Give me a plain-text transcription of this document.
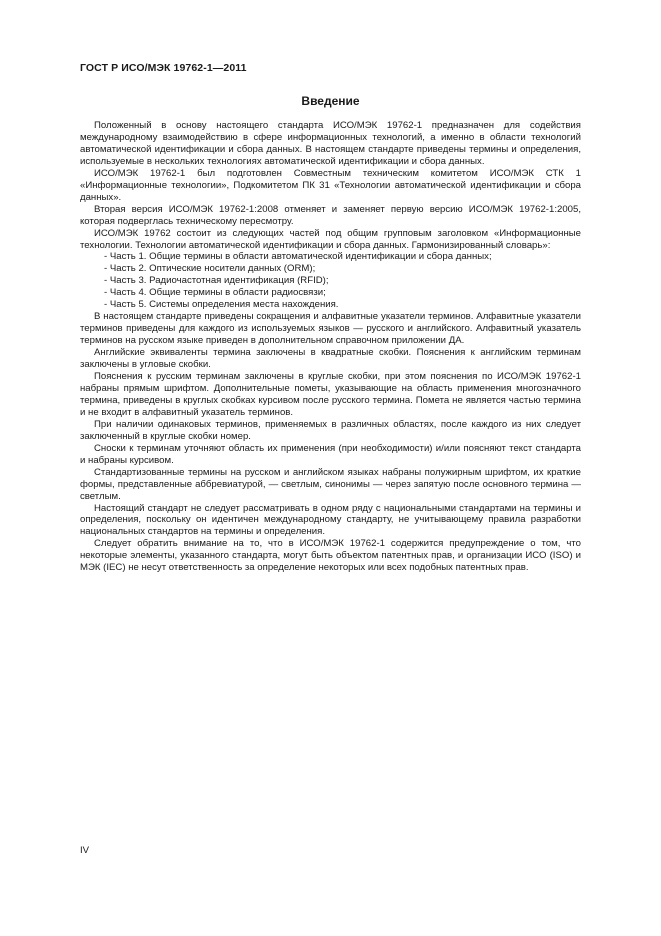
ГОСТ Р ИСО/МЭК 19762-1—2011
Введение

Положенный в основу настоящего стандарта ИСО/МЭК 19762-1 предназначен для содействия международному взаимодействию в сфере информационных технологий, а именно в области технологий автоматической идентификации и сбора данных. В настоящем стандарте приведены термины и определения, используемые в нескольких технологиях автоматической идентификации и сбора данных.

ИСО/МЭК 19762-1 был подготовлен Совместным техническим комитетом ИСО/МЭК СТК 1 «Информационные технологии», Подкомитетом ПК 31 «Технологии автоматической идентификации и сбора данных».

Вторая версия ИСО/МЭК 19762-1:2008 отменяет и заменяет первую версию ИСО/МЭК 19762-1:2005, которая подверглась техническому пересмотру.

ИСО/МЭК 19762 состоит из следующих частей под общим групповым заголовком «Информационные технологии. Технологии автоматической идентификации и сбора данных. Гармонизированный словарь»:

- Часть 1. Общие термины в области автоматической идентификации и сбора данных;
- Часть 2. Оптические носители данных (ORM);
- Часть 3. Радиочастотная идентификация (RFID);
- Часть 4. Общие термины в области радиосвязи;
- Часть 5. Системы определения места нахождения.

В настоящем стандарте приведены сокращения и алфавитные указатели терминов. Алфавитные указатели терминов приведены для каждого из используемых языков — русского и английского. Алфавитный указатель терминов на русском языке приведен в дополнительном справочном приложении ДА.

Английские эквиваленты термина заключены в квадратные скобки. Пояснения к английским терминам заключены в угловые скобки.

Пояснения к русским терминам заключены в круглые скобки, при этом пояснения по ИСО/МЭК 19762-1 набраны прямым шрифтом. Дополнительные пометы, указывающие на область применения многозначного термина, приведены в круглых скобках курсивом после русского термина. Помета не является частью термина и не входит в алфавитный указатель терминов.

При наличии одинаковых терминов, применяемых в различных областях, после каждого из них следует заключенный в круглые скобки номер.

Сноски к терминам уточняют область их применения (при необходимости) и/или поясняют текст стандарта и набраны курсивом.

Стандартизованные термины на русском и английском языках набраны полужирным шрифтом, их краткие формы, представленные аббревиатурой, — светлым, синонимы — через запятую после основного термина — светлым.

Настоящий стандарт не следует рассматривать в одном ряду с национальными стандартами на термины и определения, поскольку он идентичен международному стандарту, не учитывающему правила разработки национальных стандартов на термины и определения.

Следует обратить внимание на то, что в ИСО/МЭК 19762-1 содержится предупреждение о том, что некоторые элементы, указанного стандарта, могут быть объектом патентных прав, и организации ИСО (ISO) и МЭК (IEC) не несут ответственность за определение некоторых или всех подобных патентных прав.

IV
